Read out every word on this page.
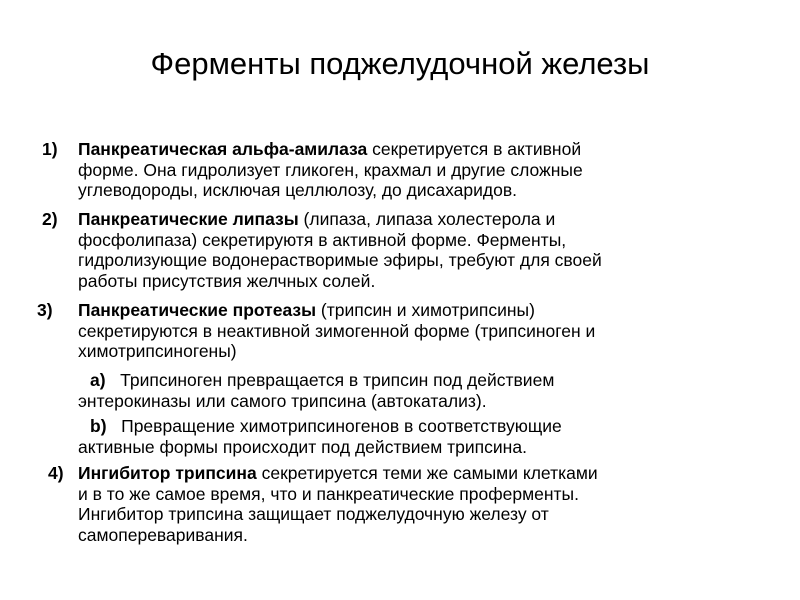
Ферменты поджелудочной железы
1) Панкреатическая альфа-амилаза секретируется в активной
форме. Она гидролизует гликоген, крахмал и другие сложные
углеводороды, исключая целлюлозу, до дисахаридов.
2) Панкреатические липазы (липаза, липаза холестерола и
фосфолипаза) секретируютя в активной форме. Ферменты,
гидролизующие водонерастворимые эфиры, требуют для своей
работы присутствия желчных солей.
3) Панкреатические протеазы (трипсин и химотрипсины)
секретируются в неактивной зимогенной форме (трипсиноген и
химотрипсиногены)
a) Трипсиноген превращается в трипсин под действием
энтерокиназы или самого трипсина (автокатализ).
b) Превращение химотрипсиногенов в соответствующие
активные формы происходит под действием трипсина.
4) Ингибитор трипсина секретируется теми же самыми клетками
и в то же самое время, что и панкреатические проферменты.
Ингибитор трипсина защищает поджелудочную железу от
самопереваривания.
